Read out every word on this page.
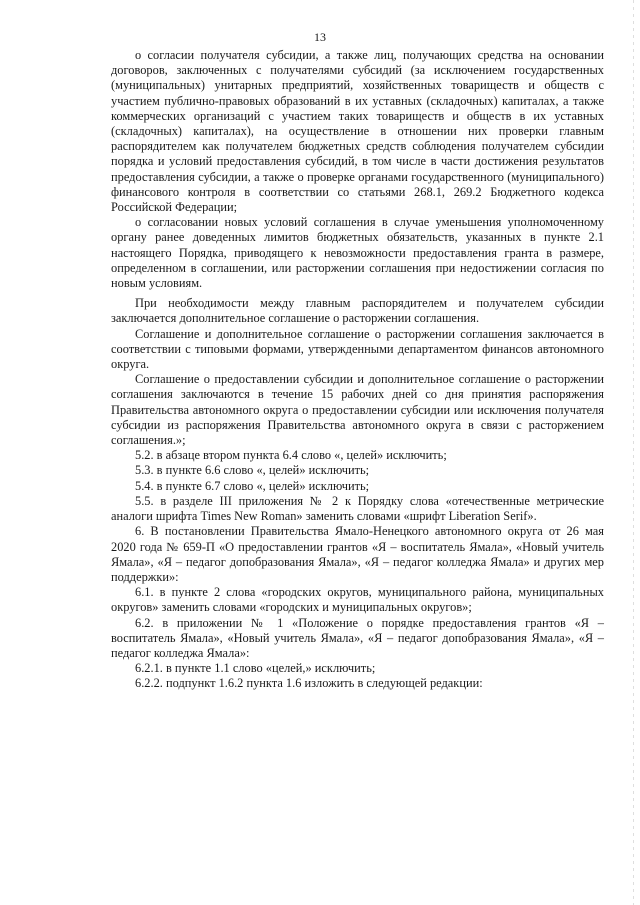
13

о согласии получателя субсидии, а также лиц, получающих средства на основании договоров, заключенных с получателями субсидий (за исключением государственных (муниципальных) унитарных предприятий, хозяйственных товариществ и обществ с участием публично-правовых образований в их уставных (складочных) капиталах, а также коммерческих организаций с участием таких товариществ и обществ в их уставных (складочных) капиталах), на осуществление в отношении них проверки главным распорядителем как получателем бюджетных средств соблюдения получателем субсидии порядка и условий предоставления субсидий, в том числе в части достижения результатов предоставления субсидии, а также о проверке органами государственного (муниципального) финансового контроля в соответствии со статьями 268.1, 269.2 Бюджетного кодекса Российской Федерации;

о согласовании новых условий соглашения в случае уменьшения уполномоченному органу ранее доведенных лимитов бюджетных обязательств, указанных в пункте 2.1 настоящего Порядка, приводящего к невозможности предоставления гранта в размере, определенном в соглашении, или расторжении соглашения при недостижении согласия по новым условиям.

При необходимости между главным распорядителем и получателем субсидии заключается дополнительное соглашение о расторжении соглашения.

Соглашение и дополнительное соглашение о расторжении соглашения заключается в соответствии с типовыми формами, утвержденными департаментом финансов автономного округа.

Соглашение о предоставлении субсидии и дополнительное соглашение о расторжении соглашения заключаются в течение 15 рабочих дней со дня принятия распоряжения Правительства автономного округа о предоставлении субсидии или исключения получателя субсидии из распоряжения Правительства автономного округа в связи с расторжением соглашения.»;

5.2. в абзаце втором пункта 6.4 слово «, целей» исключить;

5.3. в пункте 6.6 слово «, целей» исключить;

5.4. в пункте 6.7 слово «, целей» исключить;

5.5. в разделе III приложения № 2 к Порядку слова «отечественные метрические аналоги шрифта Times New Roman» заменить словами «шрифт Liberation Serif».

6. В постановлении Правительства Ямало-Ненецкого автономного округа от 26 мая 2020 года № 659-П «О предоставлении грантов «Я – воспитатель Ямала», «Новый учитель Ямала», «Я – педагог допобразования Ямала», «Я – педагог колледжа Ямала» и других мер поддержки»:

6.1. в пункте 2 слова «городских округов, муниципального района, муниципальных округов» заменить словами «городских и муниципальных округов»;

6.2. в приложении № 1 «Положение о порядке предоставления грантов «Я – воспитатель Ямала», «Новый учитель Ямала», «Я – педагог допобразования Ямала», «Я – педагог колледжа Ямала»:

6.2.1. в пункте 1.1 слово «целей,» исключить;

6.2.2. подпункт 1.6.2 пункта 1.6 изложить в следующей редакции:
